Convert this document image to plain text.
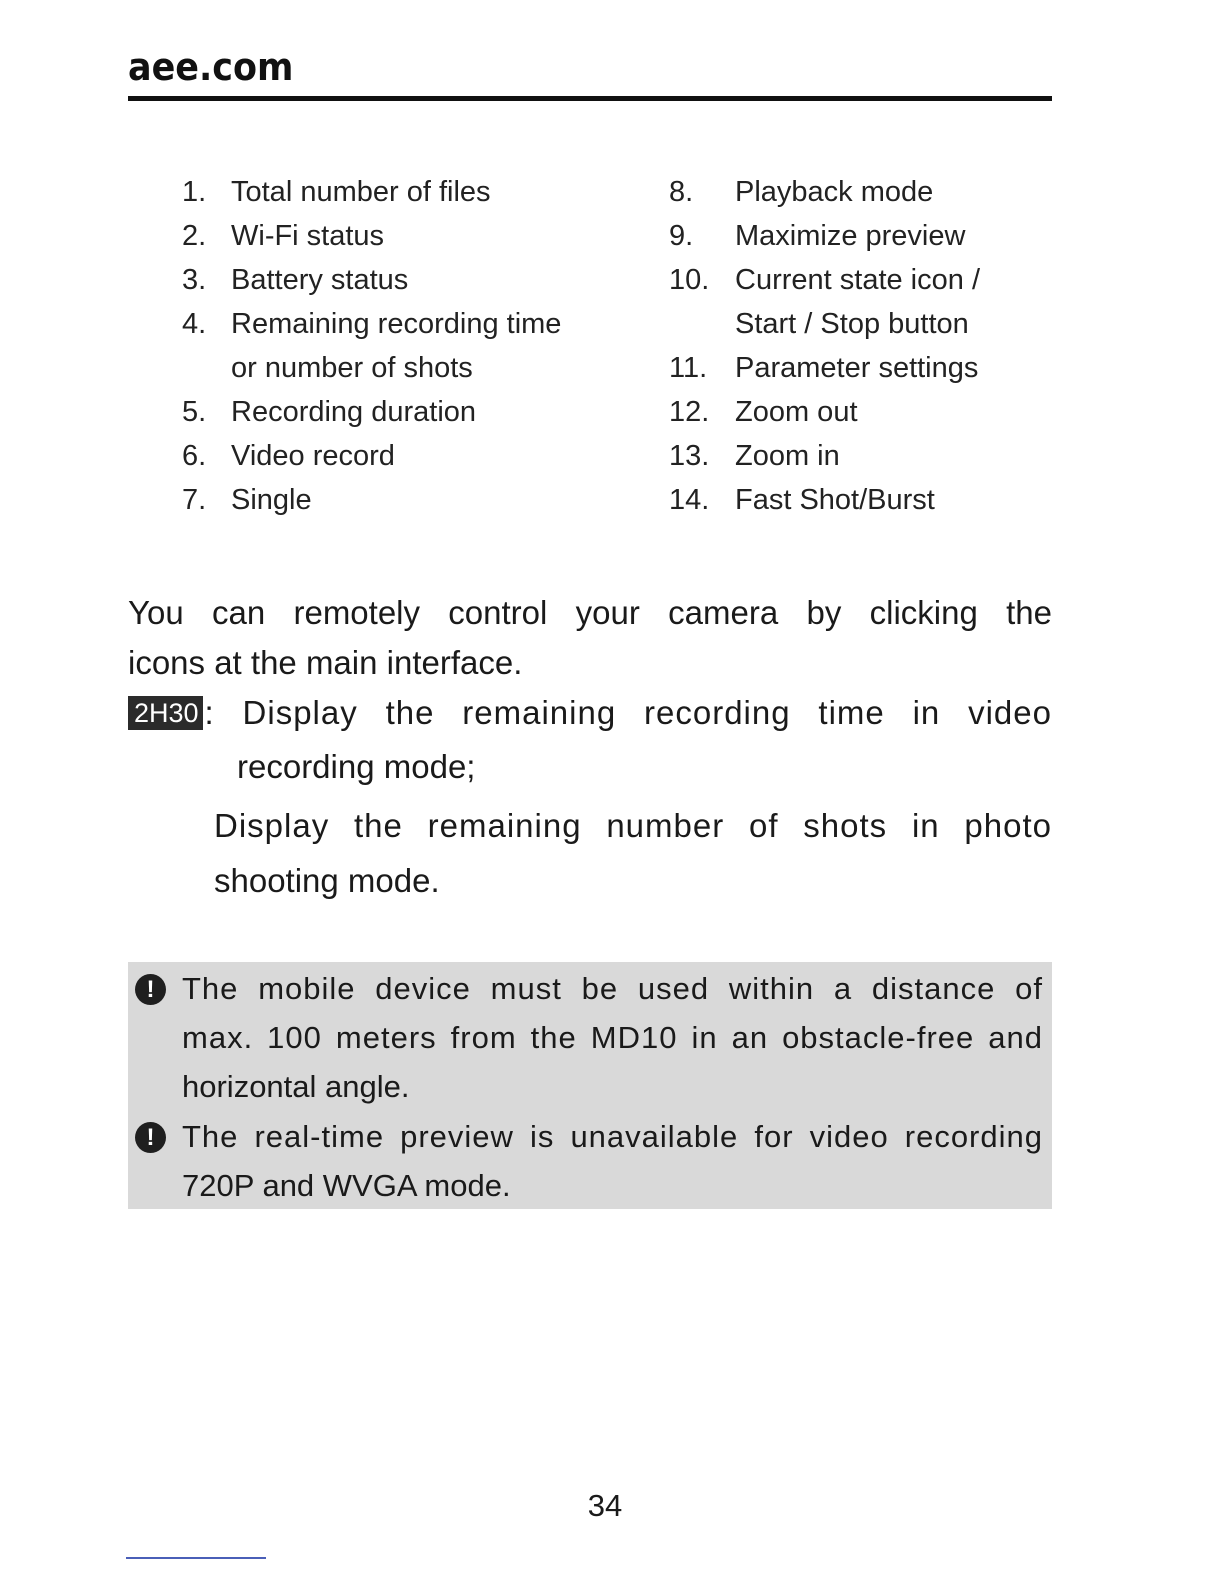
aee.com
1. Total number of files
2. Wi-Fi status
3. Battery status
4. Remaining recording time
or number of shots
5. Recording duration
6. Video record
7. Single
8.	Playback mode
9.	Maximize preview
10. Current state icon /
Start / Stop button
11. Parameter settings
12. Zoom out
13. Zoom in
14. Fast Shot/Burst
You can remotely control your camera by clicking the
icons at the main interface.
2H30 : Display the remaining recording time in video
recording mode;
Display the remaining number of shots in photo
shooting mode.
! The mobile device must be used within a distance of
max. 100 meters from the MD10 in an obstacle-free and
horizontal angle.
! The real-time preview is unavailable for video recording
720P and WVGA mode.
34
